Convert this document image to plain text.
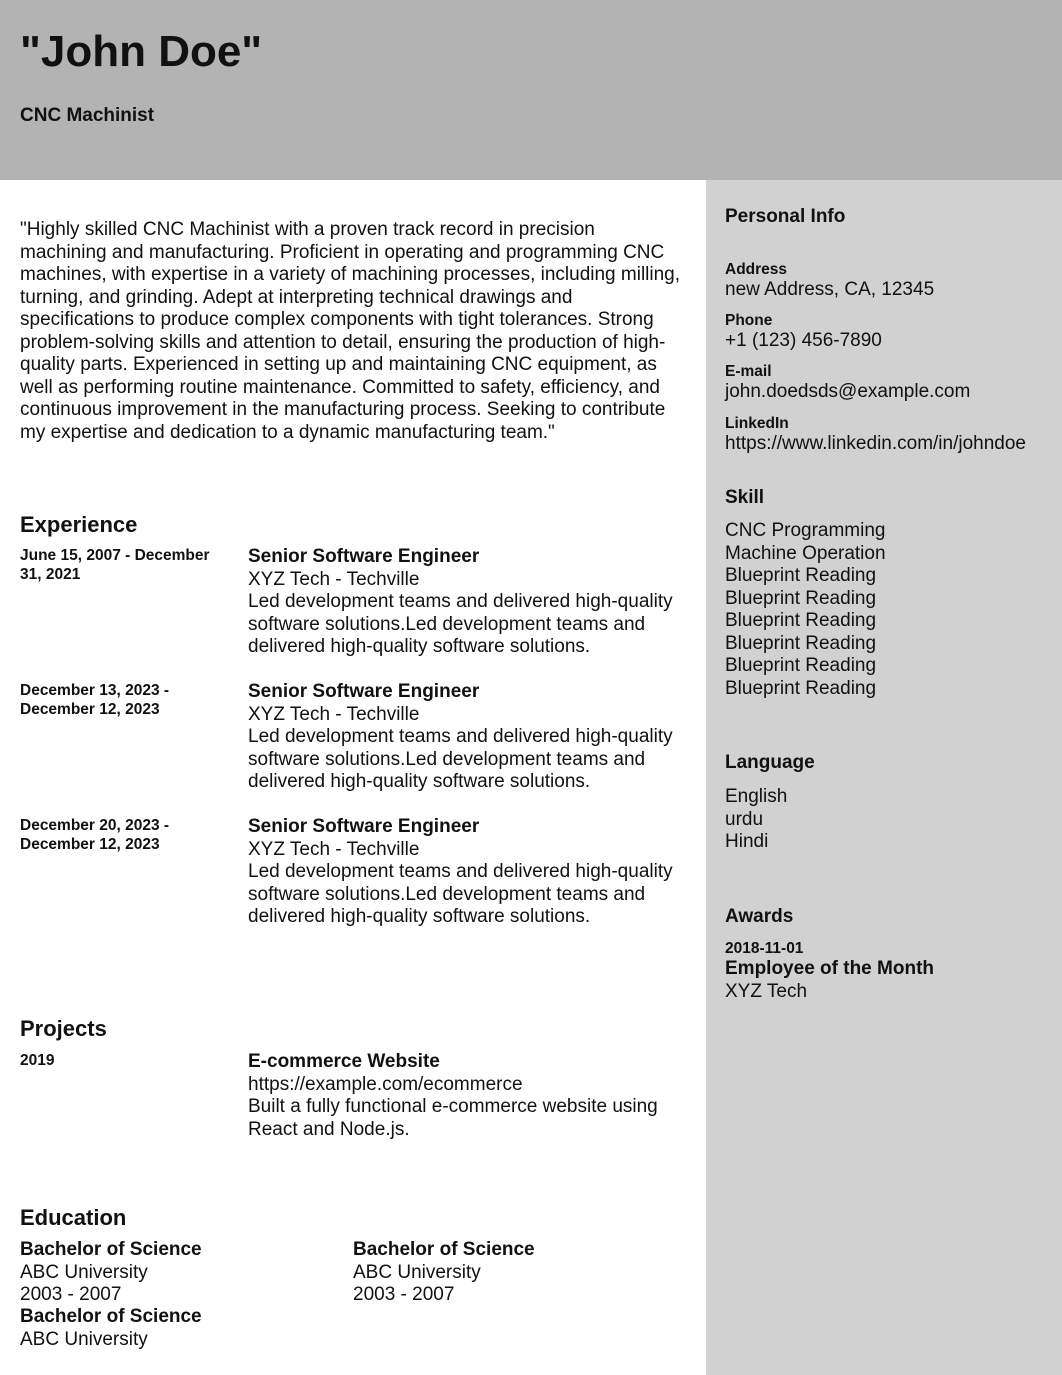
"John Doe"
CNC Machinist
"Highly skilled CNC Machinist with a proven track record in precision machining and manufacturing. Proficient in operating and programming CNC machines, with expertise in a variety of machining processes, including milling, turning, and grinding. Adept at interpreting technical drawings and specifications to produce complex components with tight tolerances. Strong problem-solving skills and attention to detail, ensuring the production of high-quality parts. Experienced in setting up and maintaining CNC equipment, as well as performing routine maintenance. Committed to safety, efficiency, and continuous improvement in the manufacturing process. Seeking to contribute my expertise and dedication to a dynamic manufacturing team."
Experience
June 15, 2007 - December 31, 2021
Senior Software Engineer
XYZ Tech - Techville
Led development teams and delivered high-quality software solutions.Led development teams and delivered high-quality software solutions.
December 13, 2023 - December 12, 2023
Senior Software Engineer
XYZ Tech - Techville
Led development teams and delivered high-quality software solutions.Led development teams and delivered high-quality software solutions.
December 20, 2023 - December 12, 2023
Senior Software Engineer
XYZ Tech - Techville
Led development teams and delivered high-quality software solutions.Led development teams and delivered high-quality software solutions.
Projects
2019	E-commerce Website
https://example.com/ecommerce
Built a fully functional e-commerce website using React and Node.js.
Education
Bachelor of Science
ABC University
2003 - 2007
Bachelor of Science
ABC University
2003 - 2007
Bachelor of Science
ABC University
Personal Info
Address
new Address, CA, 12345
Phone
+1 (123) 456-7890
E-mail
john.doedsds@example.com
LinkedIn
https://www.linkedin.com/in/johndoe
Skill
CNC Programming
Machine Operation
Blueprint Reading
Blueprint Reading
Blueprint Reading
Blueprint Reading
Blueprint Reading
Blueprint Reading
Language
English
urdu
Hindi
Awards
2018-11-01
Employee of the Month
XYZ Tech
